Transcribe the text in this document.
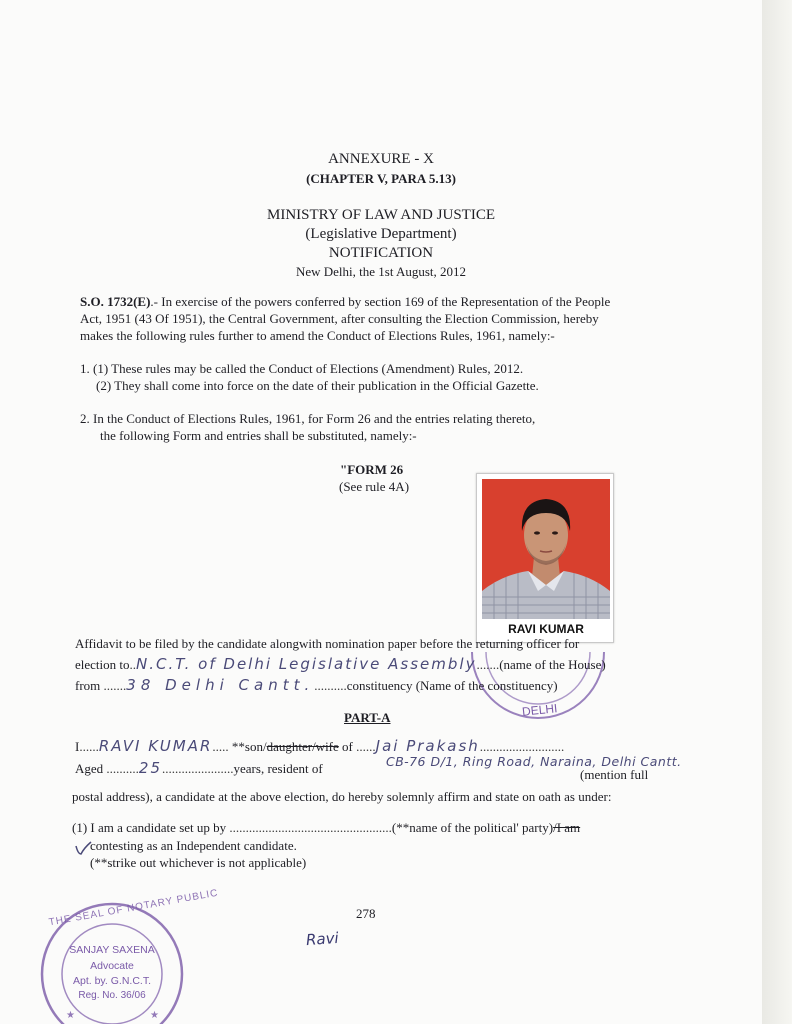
ANNEXURE - X
(CHAPTER V, PARA 5.13)
MINISTRY OF LAW AND JUSTICE
(Legislative Department)
NOTIFICATION
New Delhi, the 1st August, 2012
S.O. 1732(E).- In exercise of the powers conferred by section 169 of the Representation of the People
Act, 1951 (43 Of 1951), the Central Government, after consulting the Election Commission, hereby
makes the following rules further to amend the Conduct of Elections Rules, 1961, namely:-
1. (1) These rules may be called the Conduct of Elections (Amendment) Rules, 2012.
(2) They shall come into force on the date of their publication in the Official Gazette.
2. In the Conduct of Elections Rules, 1961, for Form 26 and the entries relating thereto,
the following Form and entries shall be substituted, namely:-
"FORM 26
(See rule 4A)
RAVI KUMAR
DELHI
Affidavit to be filed by the candidate alongwith nomination paper before the returning officer for
election to..N.C.T. of Delhi Legislative Assembly.......(name of the House)
from .......38 Delhi Cantt...........constituency (Name of the constituency)
PART-A
I......RAVI KUMAR..... **son/daughter/wife of ......Jai Prakash..........................
Aged ..........25......................years, resident of	CB-76 D/1, Ring Road, Naraina, Delhi Cantt.
(mention full
postal address), a candidate at the above election, do hereby solemnly affirm and state on oath as under:
(1) I am a candidate set up by ..................................................(**name of the political' party)/I am
contesting as an Independent candidate.
(**strike out whichever is not applicable)
278
Ravi
★	★
THE SEAL OF NOTARY PUBLIC
SANJAY SAXENA
Advocate
Apt. by. G.N.C.T.
Reg. No. 36/06
